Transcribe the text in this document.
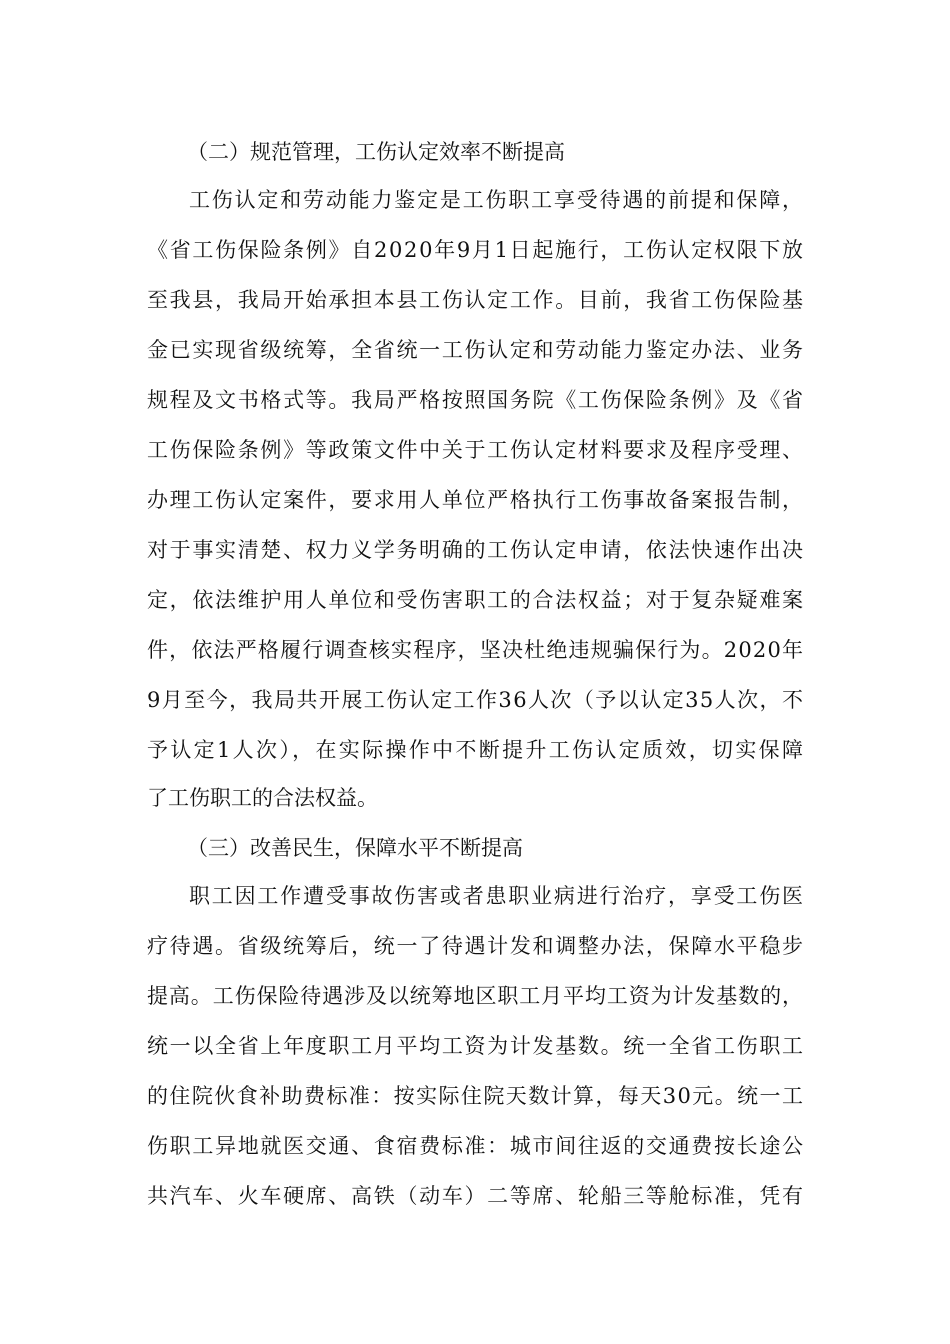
（二）规范管理，工伤认定效率不断提高
工伤认定和劳动能力鉴定是工伤职工享受待遇的前提和保障，
《省工伤保险条例》自2020年9月1日起施行，工伤认定权限下放
至我县，我局开始承担本县工伤认定工作。目前，我省工伤保险基
金已实现省级统筹，全省统一工伤认定和劳动能力鉴定办法、业务
规程及文书格式等。我局严格按照国务院《工伤保险条例》及《省
工伤保险条例》等政策文件中关于工伤认定材料要求及程序受理、
办理工伤认定案件，要求用人单位严格执行工伤事故备案报告制，
对于事实清楚、权力义学务明确的工伤认定申请，依法快速作出决
定，依法维护用人单位和受伤害职工的合法权益；对于复杂疑难案
件，依法严格履行调查核实程序，坚决杜绝违规骗保行为。2020年
9月至今，我局共开展工伤认定工作36人次（予以认定35人次，不
予认定1人次），在实际操作中不断提升工伤认定质效，切实保障
了工伤职工的合法权益。
（三）改善民生，保障水平不断提高
职工因工作遭受事故伤害或者患职业病进行治疗，享受工伤医
疗待遇。省级统筹后，统一了待遇计发和调整办法，保障水平稳步
提高。工伤保险待遇涉及以统筹地区职工月平均工资为计发基数的，
统一以全省上年度职工月平均工资为计发基数。统一全省工伤职工
的住院伙食补助费标准：按实际住院天数计算，每天30元。统一工
伤职工异地就医交通、食宿费标准：城市间往返的交通费按长途公
共汽车、火车硬席、高铁（动车）二等席、轮船三等舱标准，凭有
